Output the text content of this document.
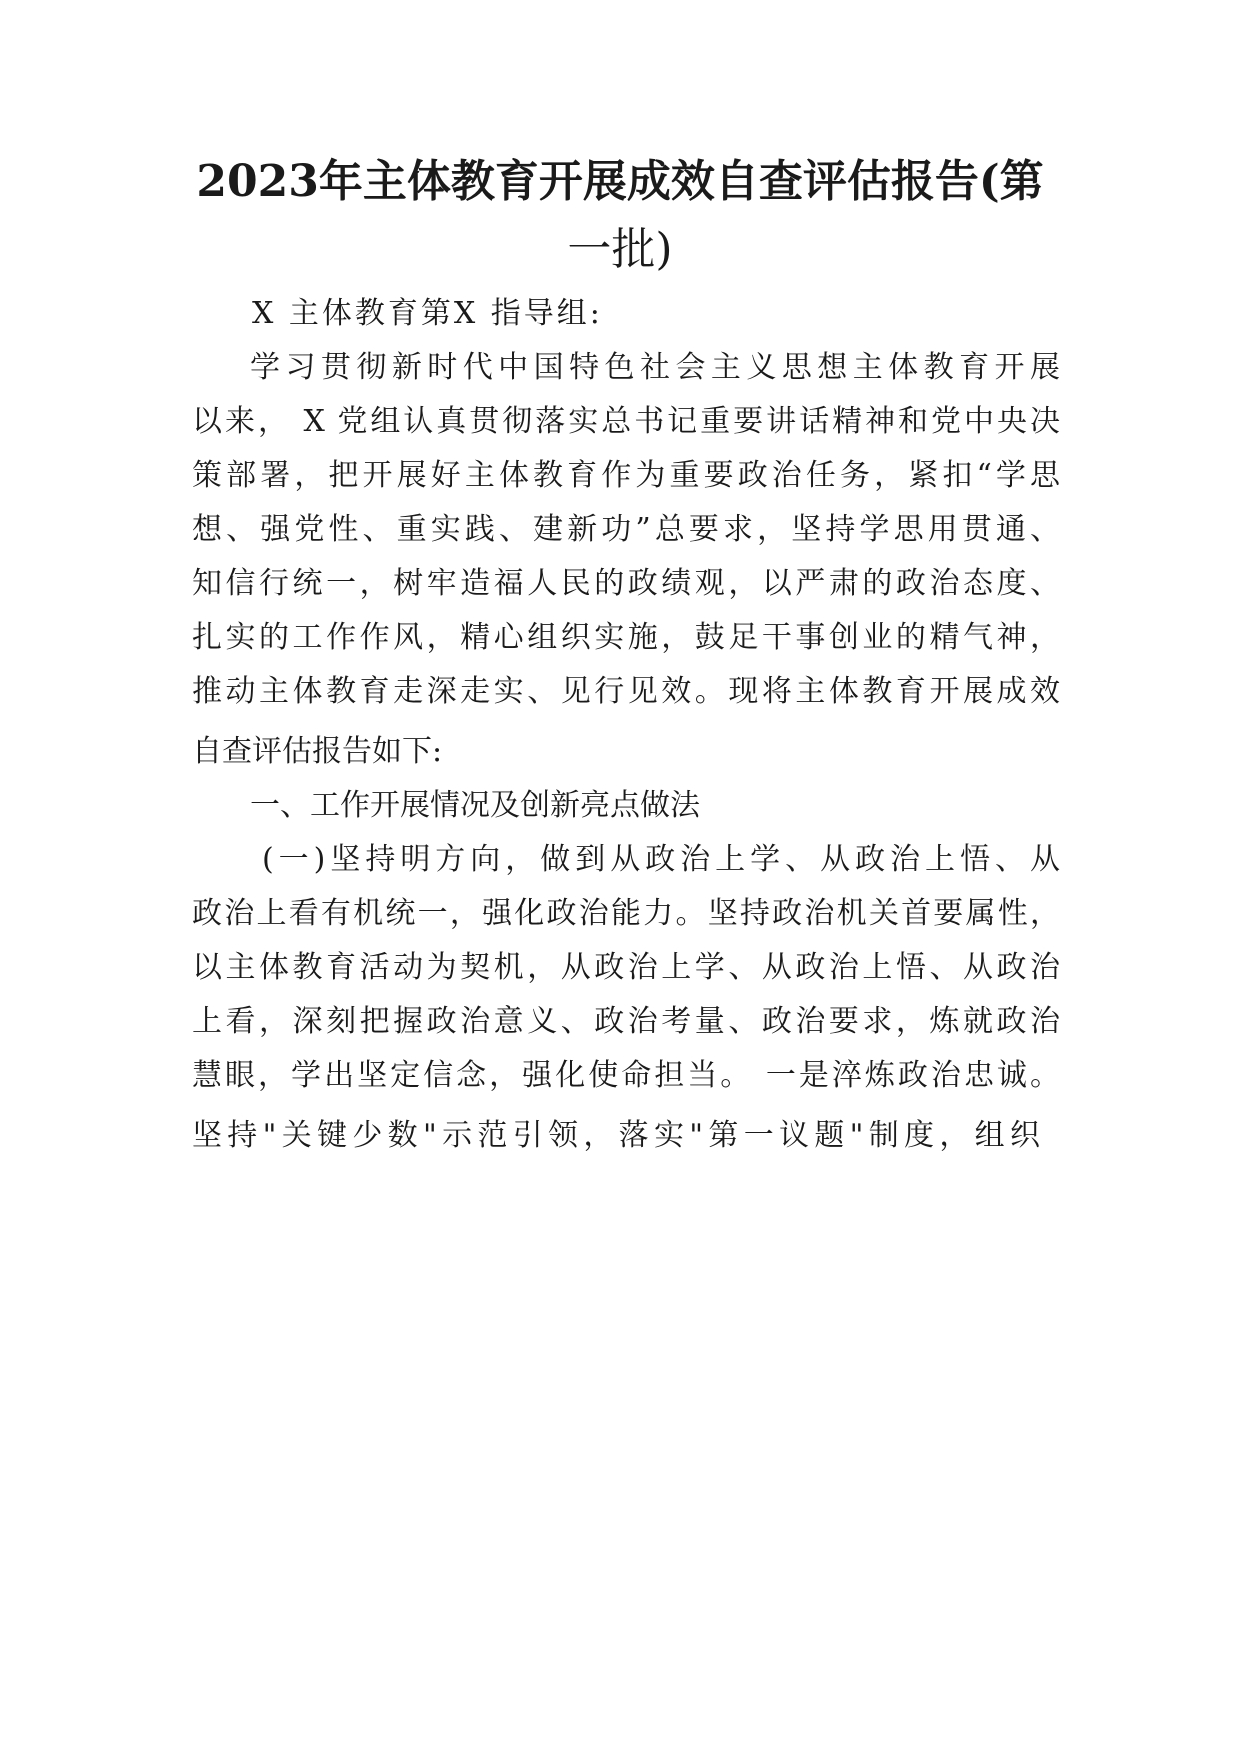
2023年主体教育开展成效自查评估报告(第
一批)

X 主体教育第X 指导组:

学习贯彻新时代中国特色社会主义思想主体教育开展

以来， X 党组认真贯彻落实总书记重要讲话精神和党中央决

策部署，把开展好主体教育作为重要政治任务，紧扣“学思

想、强党性、重实践、建新功”总要求，坚持学思用贯通、

知信行统一，树牢造福人民的政绩观，以严肃的政治态度、

扎实的工作作风，精心组织实施，鼓足干事创业的精气神，

推动主体教育走深走实、见行见效。现将主体教育开展成效

自查评估报告如下:

一、工作开展情况及创新亮点做法

(一)坚持明方向，做到从政治上学、从政治上悟、从

政治上看有机统一，强化政治能力。坚持政治机关首要属性，

以主体教育活动为契机，从政治上学、从政治上悟、从政治

上看，深刻把握政治意义、政治考量、政治要求，炼就政治

慧眼，学出坚定信念，强化使命担当。 一是淬炼政治忠诚。

坚持"关键少数"示范引领，落实"第一议题"制度，组织
